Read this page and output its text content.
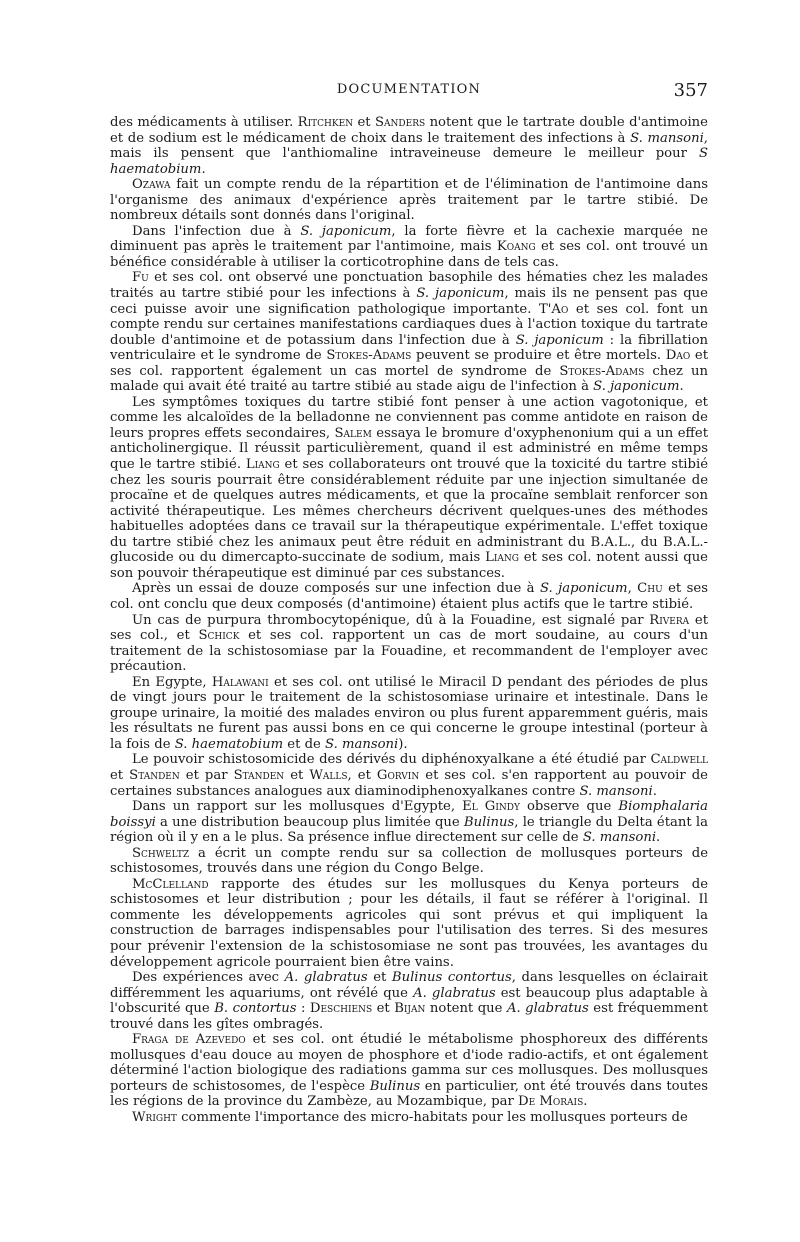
DOCUMENTATION	357

des médicaments à utiliser. Ritchken et Sanders notent que le tartrate double d'antimoine et de sodium est le médicament de choix dans le traitement des infections à S. mansoni, mais ils pensent que l'anthiomaline intraveineuse demeure le meilleur pour S haematobium.

Ozawa fait un compte rendu de la répartition et de l'élimination de l'antimoine dans l'organisme des animaux d'expérience après traitement par le tartre stibié. De nombreux détails sont donnés dans l'original.

Dans l'infection due à S. japonicum, la forte fièvre et la cachexie marquée ne diminuent pas après le traitement par l'antimoine, mais Koang et ses col. ont trouvé un bénéfice considérable à utiliser la corticotrophine dans de tels cas.

Fu et ses col. ont observé une ponctuation basophile des hématies chez les malades traités au tartre stibié pour les infections à S. japonicum, mais ils ne pensent pas que ceci puisse avoir une signification pathologique importante. T'Ao et ses col. font un compte rendu sur certaines manifestations cardiaques dues à l'action toxique du tartrate double d'antimoine et de potassium dans l'infection due à S. japonicum : la fibrillation ventriculaire et le syndrome de Stokes-Adams peuvent se produire et être mortels. Dao et ses col. rapportent également un cas mortel de syndrome de Stokes-Adams chez un malade qui avait été traité au tartre stibié au stade aigu de l'infection à S. japonicum.

Les symptômes toxiques du tartre stibié font penser à une action vagotonique, et comme les alcaloïdes de la belladonne ne conviennent pas comme antidote en raison de leurs propres effets secondaires, Salem essaya le bromure d'oxyphenonium qui a un effet anticholinergique. Il réussit particulièrement, quand il est administré en même temps que le tartre stibié. Liang et ses collaborateurs ont trouvé que la toxicité du tartre stibié chez les souris pourrait être considérablement réduite par une injection simultanée de procaïne et de quelques autres médicaments, et que la procaïne semblait renforcer son activité thérapeutique. Les mêmes chercheurs décrivent quelques-unes des méthodes habituelles adoptées dans ce travail sur la thérapeutique expérimentale. L'effet toxique du tartre stibié chez les animaux peut être réduit en administrant du B.A.L., du B.A.L.-glucoside ou du dimercapto-succinate de sodium, mais Liang et ses col. notent aussi que son pouvoir thérapeutique est diminué par ces substances.

Après un essai de douze composés sur une infection due à S. japonicum, Chu et ses col. ont conclu que deux composés (d'antimoine) étaient plus actifs que le tartre stibié.

Un cas de purpura thrombocytopénique, dû à la Fouadine, est signalé par Rivera et ses col., et Schick et ses col. rapportent un cas de mort soudaine, au cours d'un traitement de la schistosomiase par la Fouadine, et recommandent de l'employer avec précaution.

En Egypte, Halawani et ses col. ont utilisé le Miracil D pendant des périodes de plus de vingt jours pour le traitement de la schistosomiase urinaire et intestinale. Dans le groupe urinaire, la moitié des malades environ ou plus furent apparemment guéris, mais les résultats ne furent pas aussi bons en ce qui concerne le groupe intestinal (porteur à la fois de S. haematobium et de S. mansoni).

Le pouvoir schistosomicide des dérivés du diphénoxyalkane a été étudié par Caldwell et Standen et par Standen et Walls, et Gorvin et ses col. s'en rapportent au pouvoir de certaines substances analogues aux diaminodiphenoxyalkanes contre S. mansoni.

Dans un rapport sur les mollusques d'Egypte, El Gindy observe que Biomphalaria boissyi a une distribution beaucoup plus limitée que Bulinus, le triangle du Delta étant la région où il y en a le plus. Sa présence influe directement sur celle de S. mansoni.

Schweltz a écrit un compte rendu sur sa collection de mollusques porteurs de schistosomes, trouvés dans une région du Congo Belge.

McClelland rapporte des études sur les mollusques du Kenya porteurs de schistosomes et leur distribution ; pour les détails, il faut se référer à l'original. Il commente les développements agricoles qui sont prévus et qui impliquent la construction de barrages indispensables pour l'utilisation des terres. Si des mesures pour prévenir l'extension de la schistosomiase ne sont pas trouvées, les avantages du développement agricole pourraient bien être vains.

Des expériences avec A. glabratus et Bulinus contortus, dans lesquelles on éclairait différemment les aquariums, ont révélé que A. glabratus est beaucoup plus adaptable à l'obscurité que B. contortus : Deschiens et Bijan notent que A. glabratus est fréquemment trouvé dans les gîtes ombragés.

Fraga de Azevedo et ses col. ont étudié le métabolisme phosphoreux des différents mollusques d'eau douce au moyen de phosphore et d'iode radio-actifs, et ont également déterminé l'action biologique des radiations gamma sur ces mollusques. Des mollusques porteurs de schistosomes, de l'espèce Bulinus en particulier, ont été trouvés dans toutes les régions de la province du Zambèze, au Mozambique, par De Morais.

Wright commente l'importance des micro-habitats pour les mollusques porteurs de
